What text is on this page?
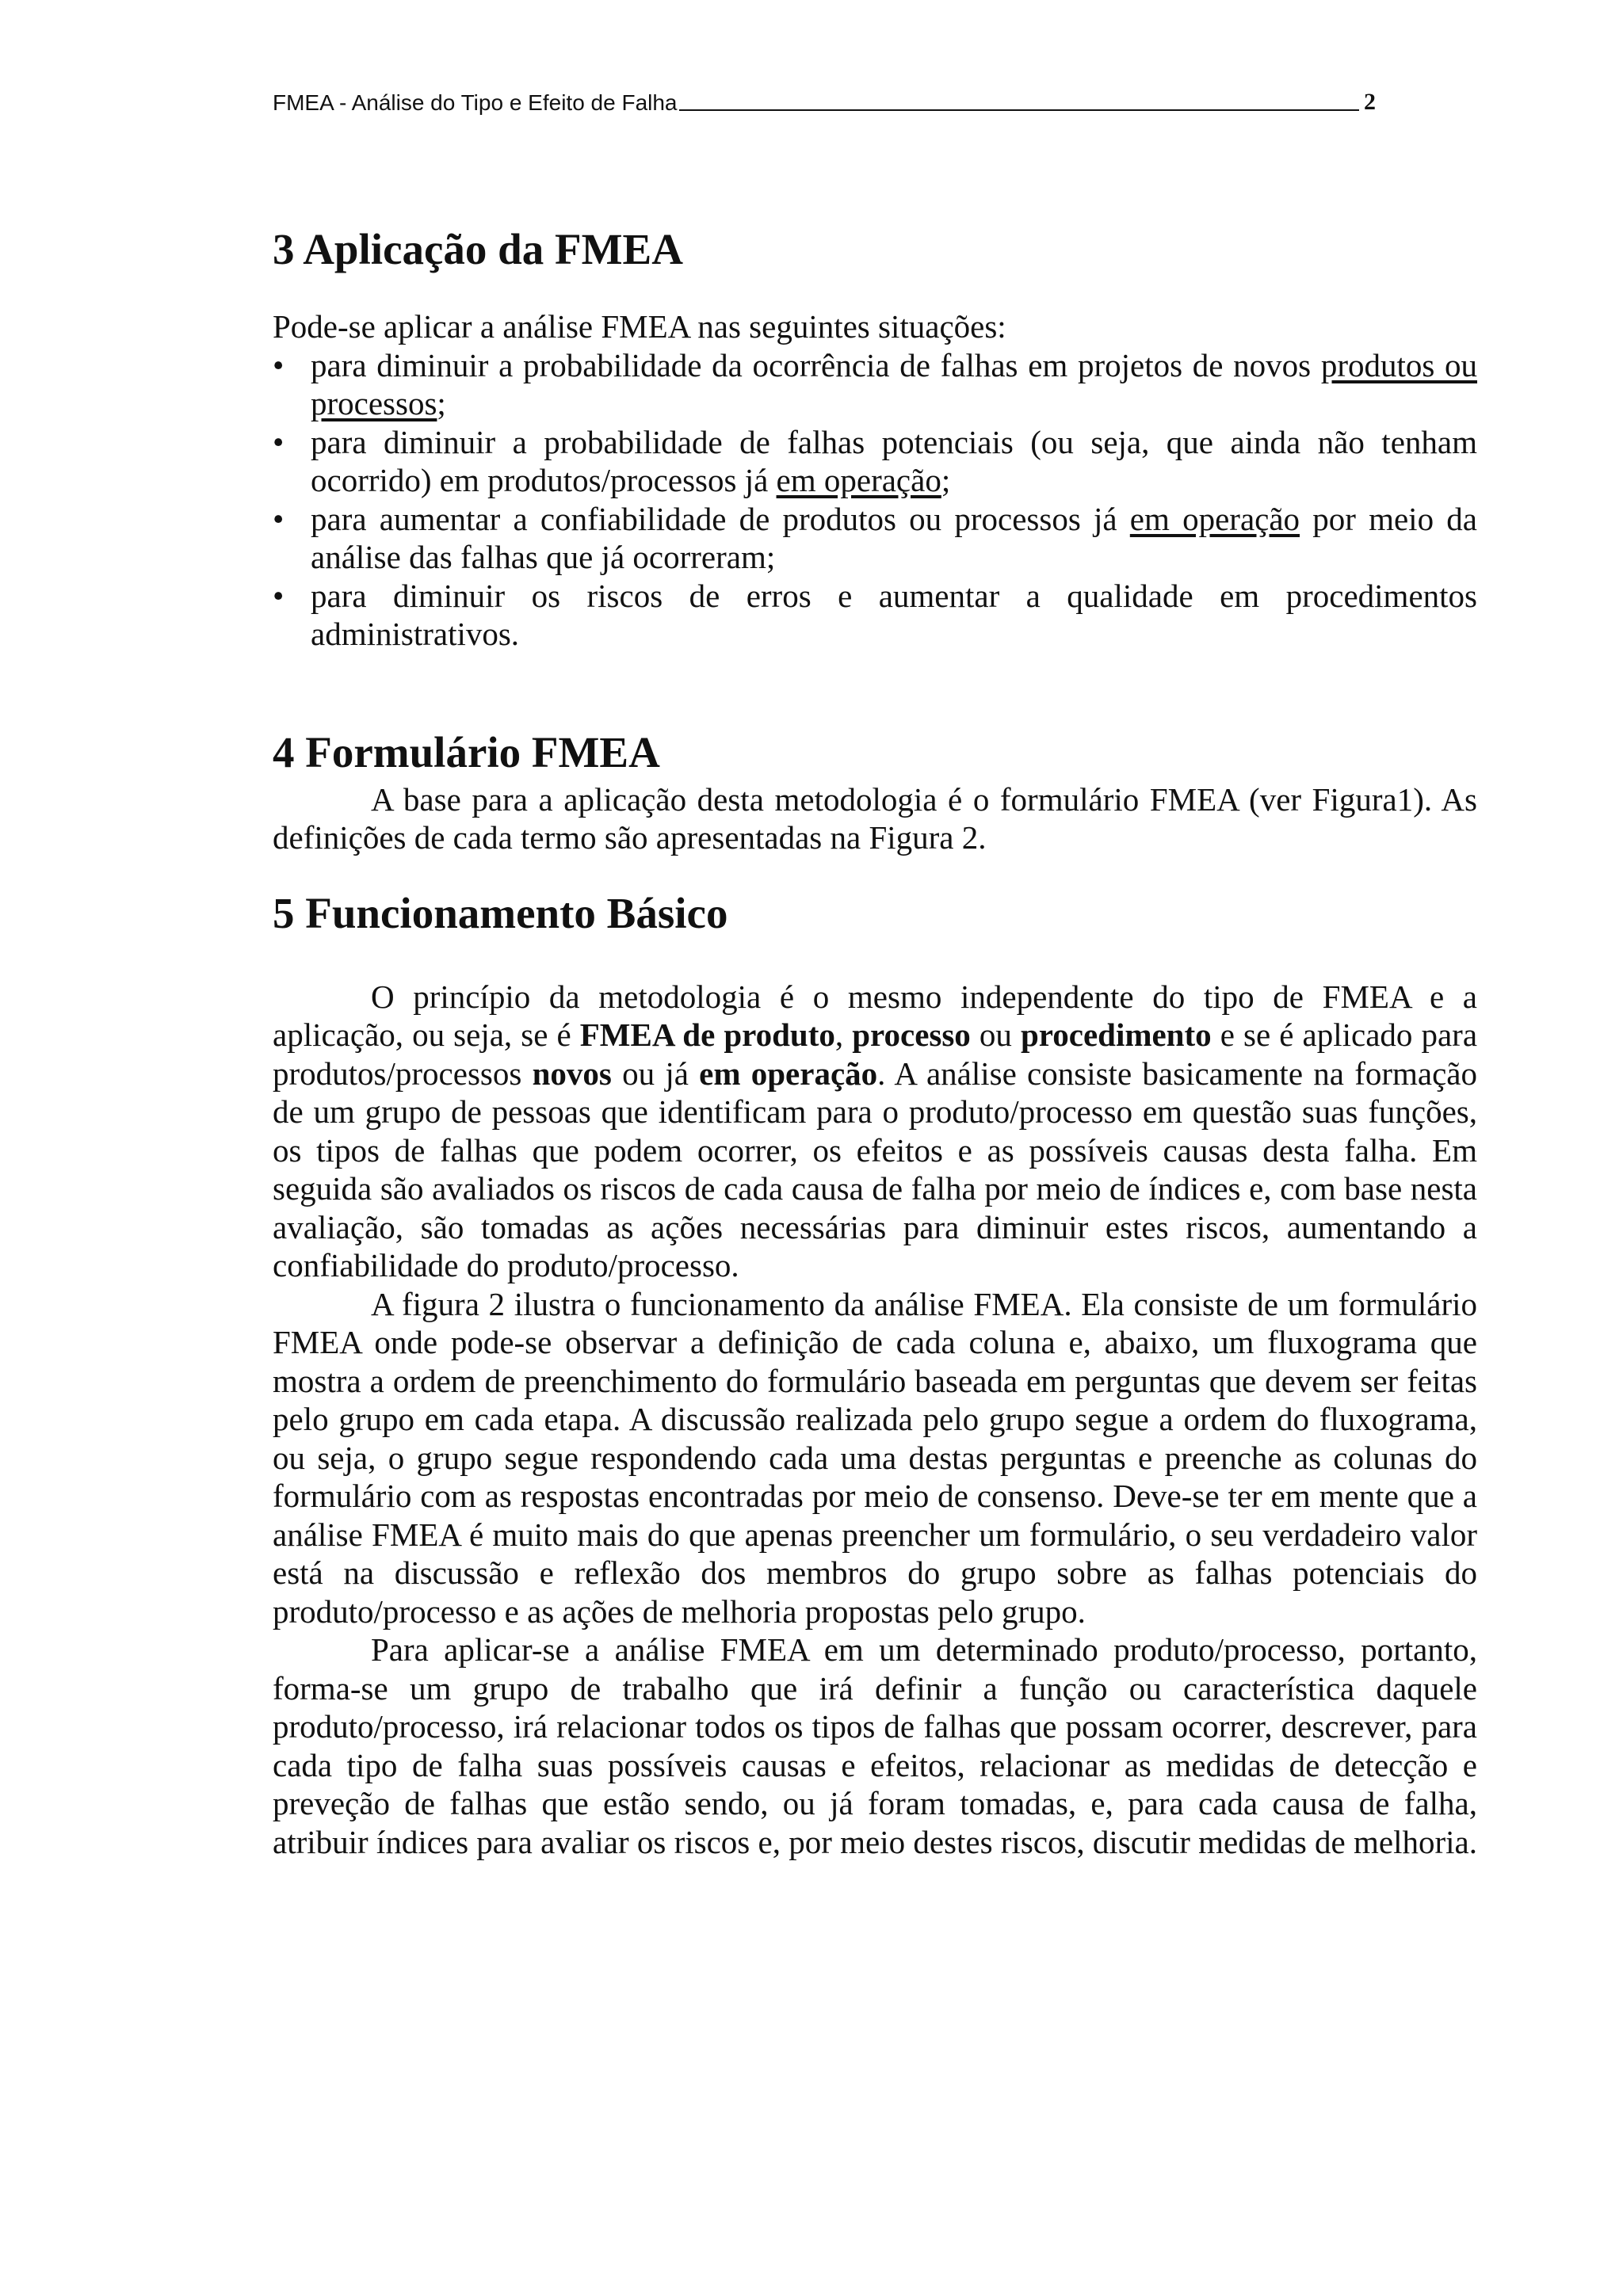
FMEA - Análise do Tipo e Efeito de Falha	2
3 Aplicação da FMEA

Pode-se aplicar a análise FMEA nas seguintes situações:

• para diminuir a probabilidade da ocorrência de falhas em projetos de novos produtos ou processos;
• para diminuir a probabilidade de falhas potenciais (ou seja, que ainda não tenham ocorrido) em produtos/processos já em operação;
• para aumentar a confiabilidade de produtos ou processos já em operação por meio da análise das falhas que já ocorreram;
• para diminuir os riscos de erros e aumentar a qualidade em procedimentos administrativos.
4 Formulário FMEA

A base para a aplicação desta metodologia é o formulário FMEA (ver Figura1). As definições de cada termo são apresentadas na Figura 2.

5 Funcionamento Básico

O princípio da metodologia é o mesmo independente do tipo de FMEA e a aplicação, ou seja, se é FMEA de produto, processo ou procedimento e se é aplicado para produtos/processos novos ou já em operação. A análise consiste basicamente na formação de um grupo de pessoas que identificam para o produto/processo em questão suas funções, os tipos de falhas que podem ocorrer, os efeitos e as possíveis causas desta falha. Em seguida são avaliados os riscos de cada causa de falha por meio de índices e, com base nesta avaliação, são tomadas as ações necessárias para diminuir estes riscos, aumentando a confiabilidade do produto/processo.

A figura 2 ilustra o funcionamento da análise FMEA. Ela consiste de um formulário FMEA onde pode-se observar a definição de cada coluna e, abaixo, um fluxograma que mostra a ordem de preenchimento do formulário baseada em perguntas que devem ser feitas pelo grupo em cada etapa. A discussão realizada pelo grupo segue a ordem do fluxograma, ou seja, o grupo segue respondendo cada uma destas perguntas e preenche as colunas do formulário com as respostas encontradas por meio de consenso. Deve-se ter em mente que a análise FMEA é muito mais do que apenas preencher um formulário, o seu verdadeiro valor está na discussão e reflexão dos membros do grupo sobre as falhas potenciais do produto/processo e as ações de melhoria propostas pelo grupo.

Para aplicar-se a análise FMEA em um determinado produto/processo, portanto, forma-se um grupo de trabalho que irá definir a função ou característica daquele produto/processo, irá relacionar todos os tipos de falhas que possam ocorrer, descrever, para cada tipo de falha suas possíveis causas e efeitos, relacionar as medidas de detecção e preveção de falhas que estão sendo, ou já foram tomadas, e, para cada causa de falha, atribuir índices para avaliar os riscos e, por meio destes riscos, discutir medidas de melhoria.
